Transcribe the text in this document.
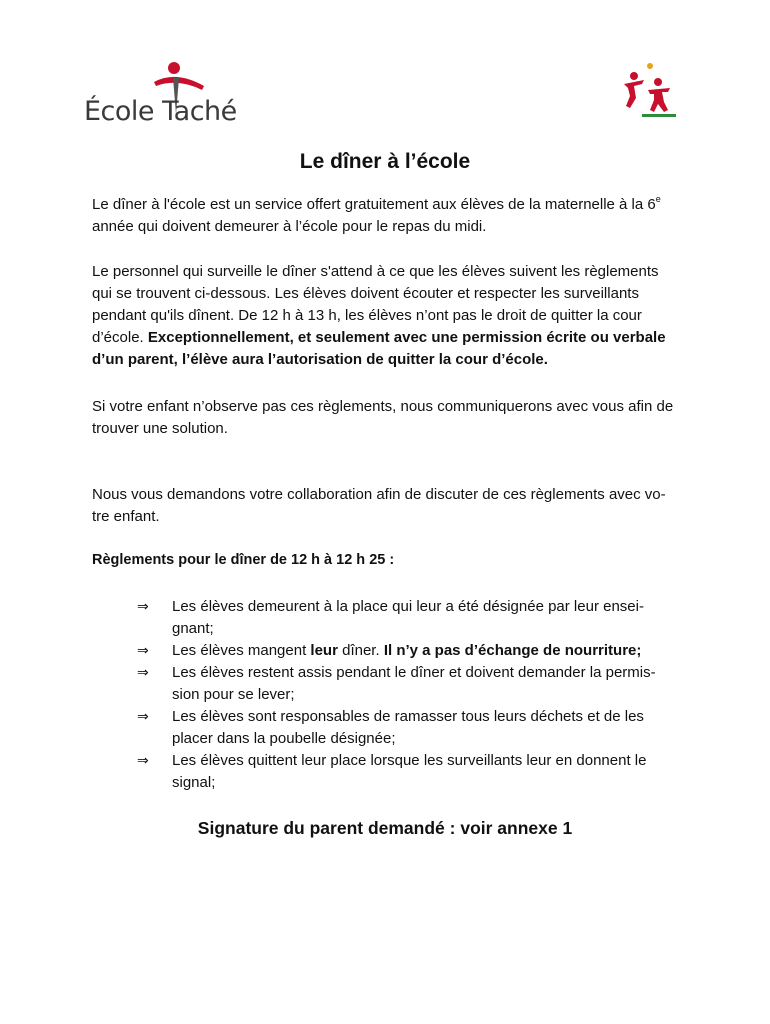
École Taché
Le dîner à l’école
Le dîner à l'école est un service offert gratuitement aux élèves de la maternelle à la 6e année qui doivent demeurer à l’école pour le repas du midi.
Le personnel qui surveille le dîner s'attend à ce que les élèves suivent les règlements qui se trouvent ci-dessous. Les élèves doivent écouter et respecter les surveillants pendant qu'ils dînent. De 12 h à 13 h, les élèves n’ont pas le droit de quitter la cour d’école. Exceptionnellement, et seulement avec une permission écrite ou verbale d’un parent, l’élève aura l’autorisation de quitter la cour d’école.
Si votre enfant n’observe pas ces règlements, nous communiquerons avec vous afin de trouver une solution.
Nous vous demandons votre collaboration afin de discuter de ces règlements avec vo-tre enfant.
Règlements pour le dîner de 12 h à 12 h 25 :
⇒ Les élèves demeurent à la place qui leur a été désignée par leur ensei-gnant;
⇒ Les élèves mangent leur dîner. Il n’y a pas d’échange de nourriture;
⇒ Les élèves restent assis pendant le dîner et doivent demander la permis-sion pour se lever;
⇒ Les élèves sont responsables de ramasser tous leurs déchets et de les placer dans la poubelle désignée;
⇒ Les élèves quittent leur place lorsque les surveillants leur en donnent le signal;
Signature du parent demandé : voir annexe 1
